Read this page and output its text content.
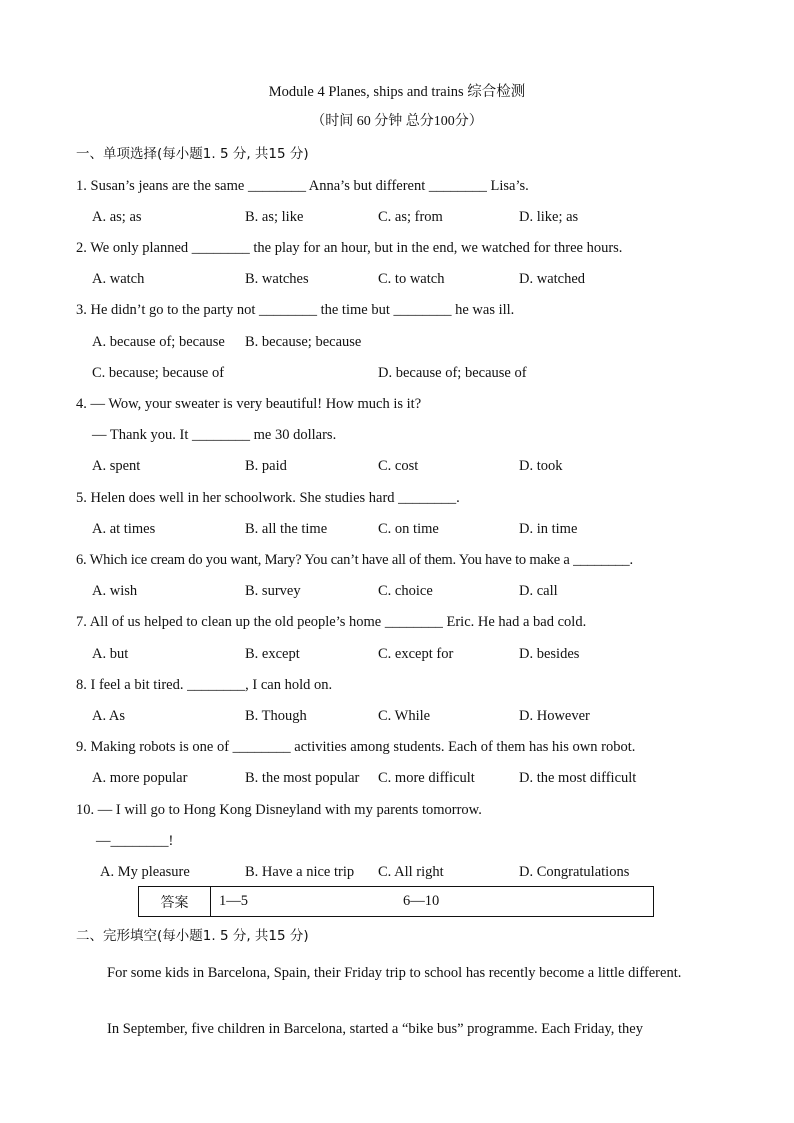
Module 4 Planes, ships and trains 综合检测
（时间 60 分钟 总分100分）
一、单项选择(每小题1. 5 分, 共15 分)
1. Susan’s jeans are the same ________ Anna’s but different ________ Lisa’s.
A. as; as	B. as; like	C. as; from	D. like; as
2. We only planned ________ the play for an hour, but in the end, we watched for three hours.
A. watch	B. watches	C. to watch	D. watched
3. He didn’t go to the party not ________ the time but ________ he was ill.
A. because of; because B. because; because
C. because; because of	D. because of; because of
4. — Wow, your sweater is very beautiful! How much is it?
— Thank you. It ________ me 30 dollars.
A. spent	B. paid	C. cost	D. took
5. Helen does well in her schoolwork. She studies hard ________.
A. at times	B. all the time	C. on time	D. in time
6. Which ice cream do you want, Mary? You can’t have all of them. You have to make a ________.
A. wish	B. survey	C. choice	D. call
7. All of us helped to clean up the old people’s home ________ Eric. He had a bad cold.
A. but	B. except	C. except for	D. besides
8. I feel a bit tired. ________, I can hold on.
A. As	B. Though	C. While	D. However
9. Making robots is one of ________ activities among students. Each of them has his own robot.
A. more popular	B. the most popular C. more difficult	D. the most difficult
10. — I will go to Hong Kong Disneyland with my parents tomorrow.
—________!
A. My pleasure	B. Have a nice trip C. All right	D. Congratulations
答案	1—5	6—10
二、完形填空(每小题1. 5 分, 共15 分)
For some kids in Barcelona, Spain, their Friday trip to school has recently become a little different.
In September, five children in Barcelona, started a “bike bus” programme. Each Friday, they
